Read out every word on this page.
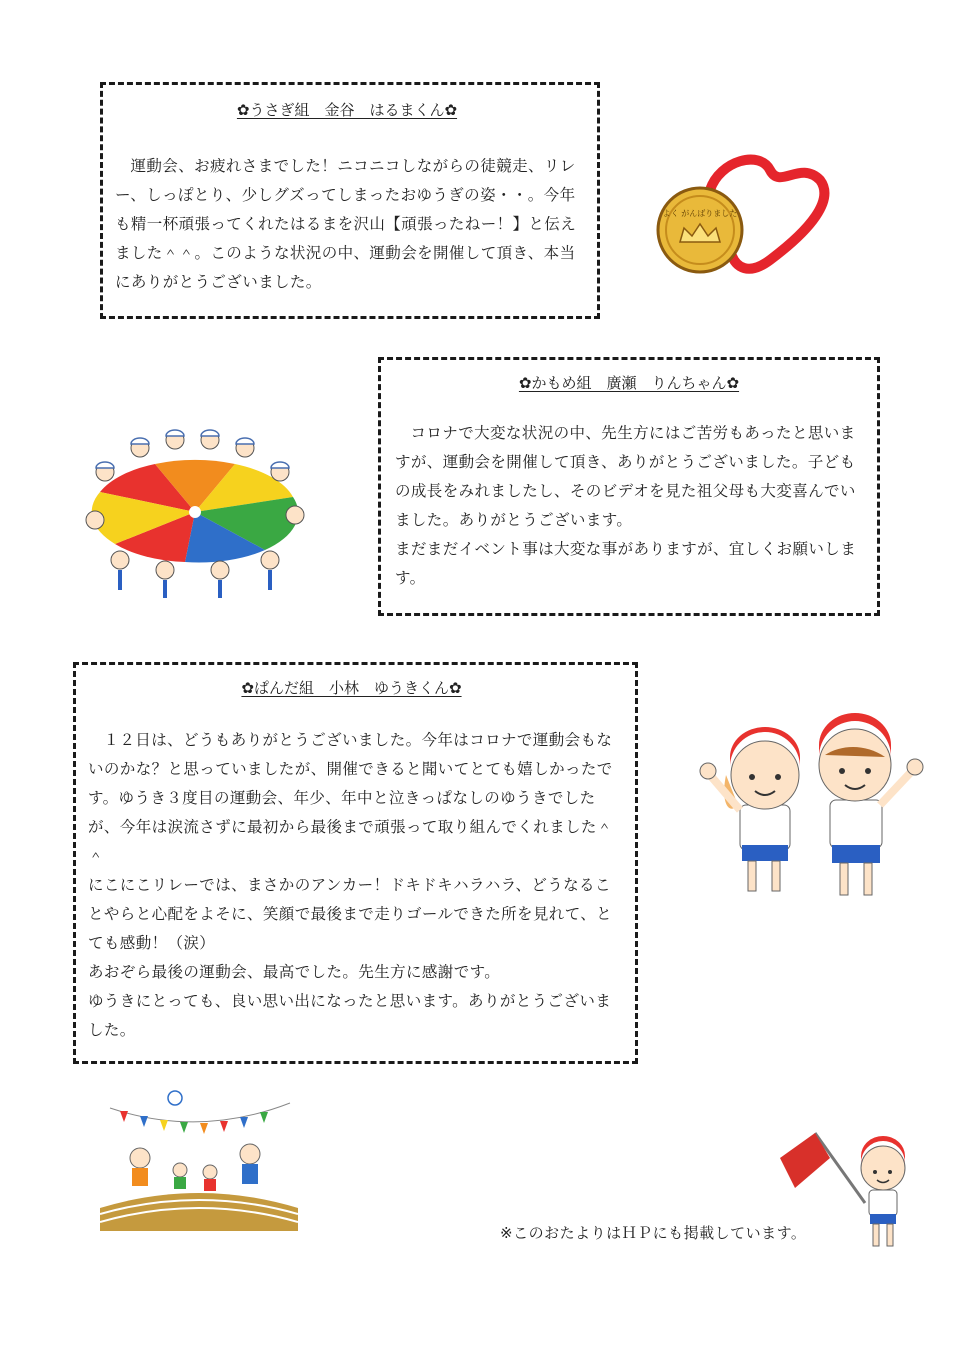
✿うさぎ組　金谷　はるまくん✿

運動会、お疲れさまでした！ニコニコしながらの徒競走、リレー、しっぽとり、少しグズってしまったおゆうぎの姿・・。今年も精一杯頑張ってくれたはるまを沢山【頑張ったねー！】と伝えました＾＾。このような状況の中、運動会を開催して頂き、本当にありがとうございました。

よく がんばりました
✿かもめ組　廣瀬　りんちゃん✿

コロナで大変な状況の中、先生方にはご苦労もあったと思いますが、運動会を開催して頂き、ありがとうございました。子どもの成長をみれましたし、そのビデオを見た祖父母も大変喜んでいました。ありがとうございます。

まだまだイベント事は大変な事がありますが、宜しくお願いします。

✿ぱんだ組　小林　ゆうきくん✿

１２日は、どうもありがとうございました。今年はコロナで運動会もないのかな？と思っていましたが、開催できると聞いてとても嬉しかったです。ゆうき３度目の運動会、年少、年中と泣きっぱなしのゆうきでしたが、今年は涙流さずに最初から最後まで頑張って取り組んでくれました＾＾

にこにこリレーでは、まさかのアンカー！ドキドキハラハラ、どうなることやらと心配をよそに、笑顔で最後まで走りゴールできた所を見れて、とても感動！（涙）

あおぞら最後の運動会、最高でした。先生方に感謝です。

ゆうきにとっても、良い思い出になったと思います。ありがとうございました。

※このおたよりはＨＰにも掲載しています。
